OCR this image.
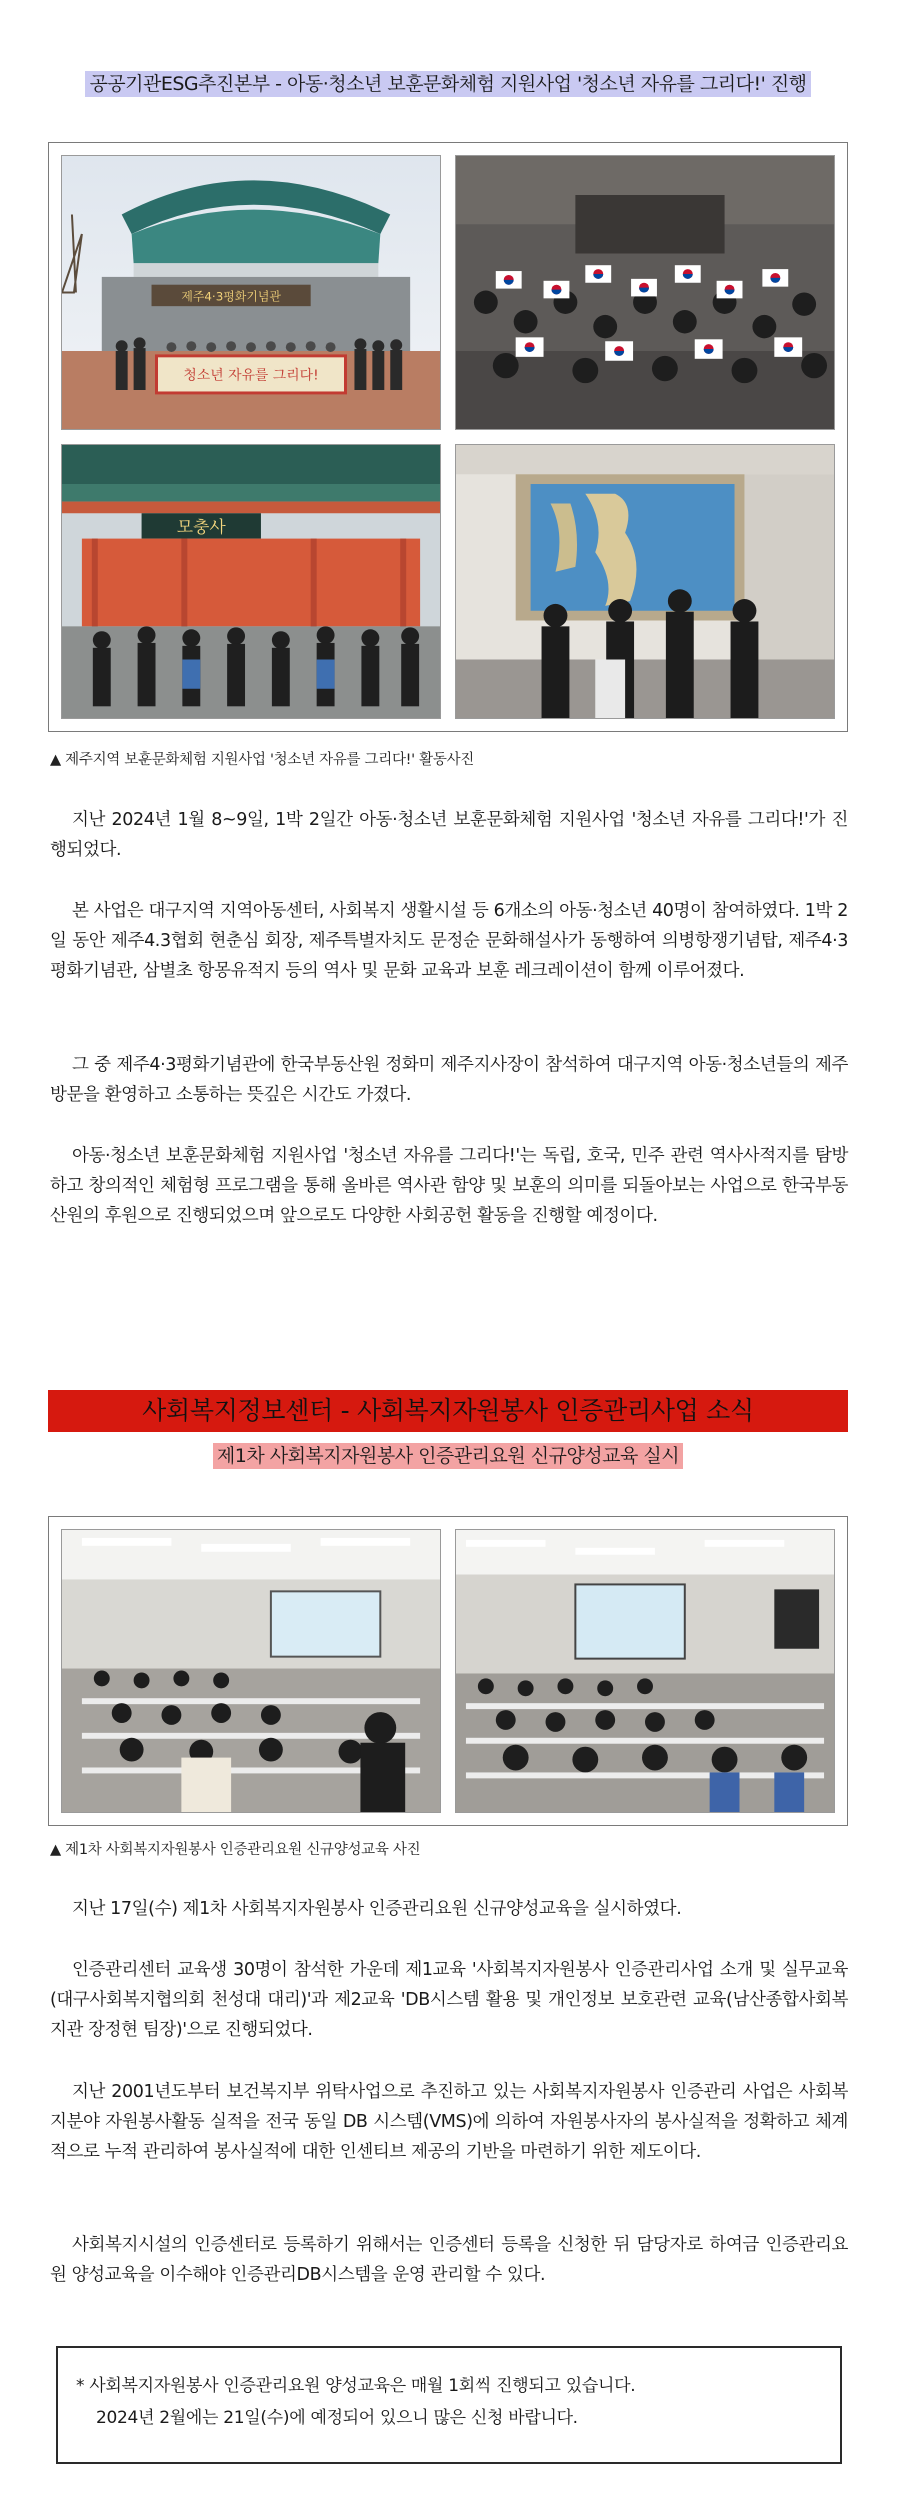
공공기관ESG추진본부 - 아동·청소년 보훈문화체험 지원사업 '청소년 자유를 그리다!' 진행
제주4·3평화기념관
청소년 자유를 그리다!
모충사
▲ 제주지역 보훈문화체험 지원사업 '청소년 자유를 그리다!' 활동사진

지난 2024년 1월 8~9일, 1박 2일간 아동·청소년 보훈문화체험 지원사업 '청소년 자유를 그리다!'가 진행되었다.

본 사업은 대구지역 지역아동센터, 사회복지 생활시설 등 6개소의 아동·청소년 40명이 참여하였다. 1박 2일 동안 제주4.3협회 현춘심 회장, 제주특별자치도 문정순 문화해설사가 동행하여 의병항쟁기념탑, 제주4·3평화기념관, 삼별초 항몽유적지 등의 역사 및 문화 교육과 보훈 레크레이션이 함께 이루어졌다.

그 중 제주4·3평화기념관에 한국부동산원 정화미 제주지사장이 참석하여 대구지역 아동·청소년들의 제주 방문을 환영하고 소통하는 뜻깊은 시간도 가졌다.

아동·청소년 보훈문화체험 지원사업 '청소년 자유를 그리다!'는 독립, 호국, 민주 관련 역사사적지를 탐방하고 창의적인 체험형 프로그램을 통해 올바른 역사관 함양 및 보훈의 의미를 되돌아보는 사업으로 한국부동산원의 후원으로 진행되었으며 앞으로도 다양한 사회공헌 활동을 진행할 예정이다.

사회복지정보센터 - 사회복지자원봉사 인증관리사업 소식
제1차 사회복지자원봉사 인증관리요원 신규양성교육 실시
▲ 제1차 사회복지자원봉사 인증관리요원 신규양성교육 사진

지난 17일(수) 제1차 사회복지자원봉사 인증관리요원 신규양성교육을 실시하였다.

인증관리센터 교육생 30명이 참석한 가운데 제1교육 '사회복지자원봉사 인증관리사업 소개 및 실무교육(대구사회복지협의회 천성대 대리)'과 제2교육 'DB시스템 활용 및 개인정보 보호관련 교육(남산종합사회복지관 장정현 팀장)'으로 진행되었다.

지난 2001년도부터 보건복지부 위탁사업으로 추진하고 있는 사회복지자원봉사 인증관리 사업은 사회복지분야 자원봉사활동 실적을 전국 동일 DB 시스템(VMS)에 의하여 자원봉사자의 봉사실적을 정확하고 체계적으로 누적 관리하여 봉사실적에 대한 인센티브 제공의 기반을 마련하기 위한 제도이다.

사회복지시설의 인증센터로 등록하기 위해서는 인증센터 등록을 신청한 뒤 담당자로 하여금 인증관리요원 양성교육을 이수해야 인증관리DB시스템을 운영 관리할 수 있다.

* 사회복지자원봉사 인증관리요원 양성교육은 매월 1회씩 진행되고 있습니다.
2024년 2월에는 21일(수)에 예정되어 있으니 많은 신청 바랍니다.
